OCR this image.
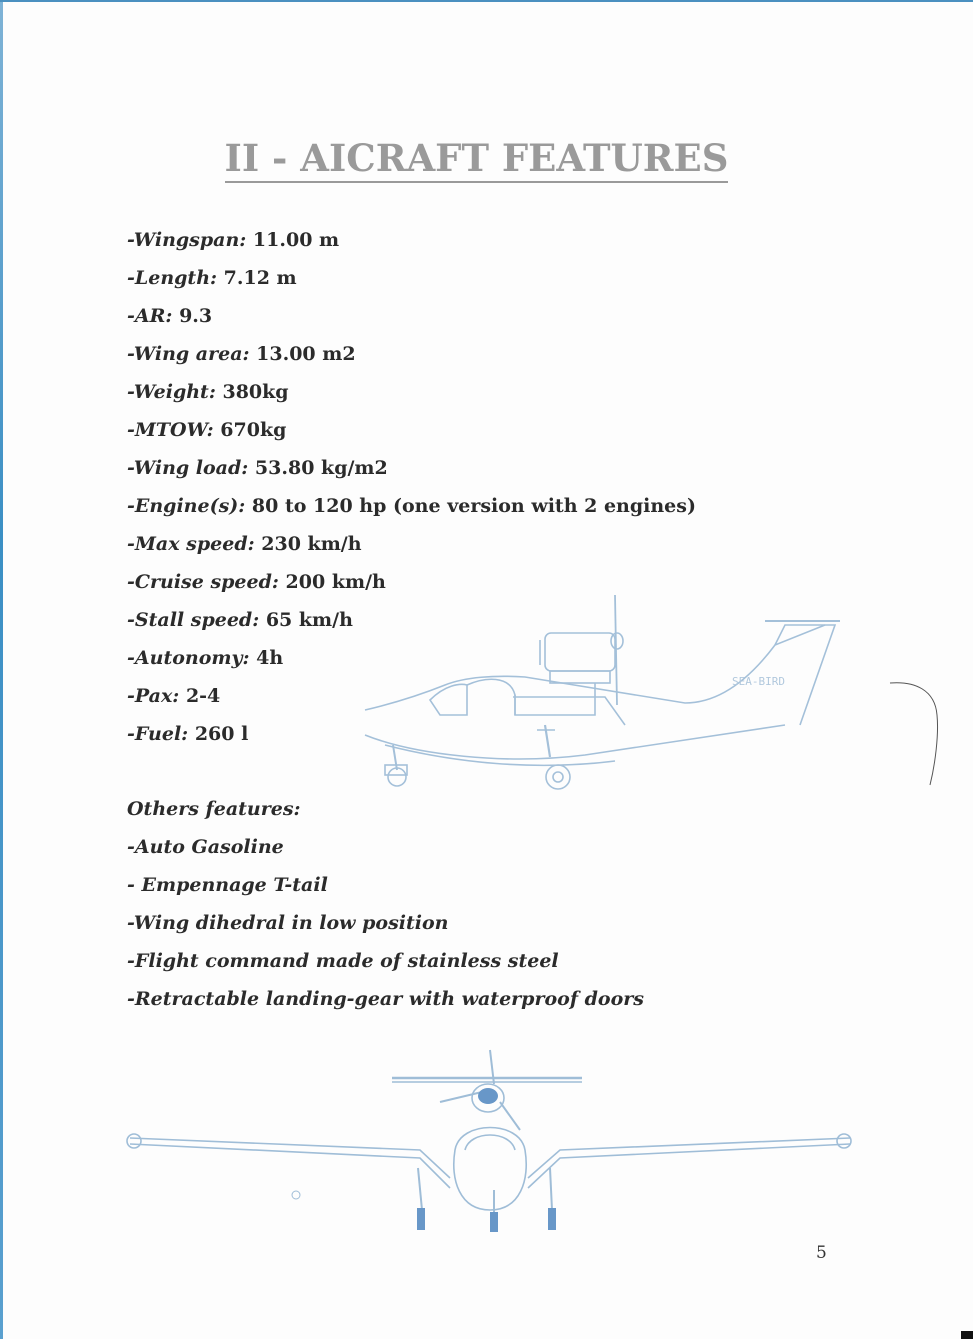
II - AICRAFT FEATURES
-Wingspan: 11.00 m
-Length: 7.12 m
-AR: 9.3
-Wing area: 13.00 m2
-Weight: 380kg
-MTOW: 670kg
-Wing load: 53.80 kg/m2
-Engine(s): 80 to 120 hp (one version with 2 engines)
-Max speed: 230 km/h
-Cruise speed: 200 km/h
-Stall speed: 65 km/h
-Autonomy: 4h
-Pax: 2-4
-Fuel: 260 l
Others features:
-Auto Gasoline
- Empennage T-tail
-Wing dihedral in low position
-Flight command made of stainless steel
-Retractable landing-gear with waterproof doors
SEA-BIRD
5
